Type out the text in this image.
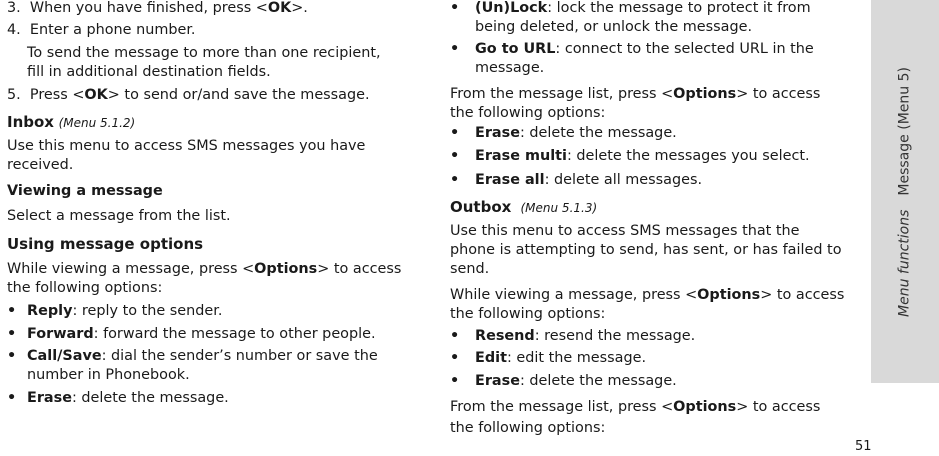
3. When you have finished, press <OK>.
4. Enter a phone number.
To send the message to more than one recipient,
fill in additional destination fields.
5. Press <OK> to send or/and save the message.
Inbox (Menu 5.1.2)
Use this menu to access SMS messages you have
received.
Viewing a message
Select a message from the list.
Using message options
While viewing a message, press <Options> to access
the following options:
• Reply: reply to the sender.
• Forward: forward the message to other people.
• Call/Save: dial the sender’s number or save the
number in Phonebook.
• Erase: delete the message.
• (Un)Lock: lock the message to protect it from
being deleted, or unlock the message.
• Go to URL: connect to the selected URL in the
message.
From the message list, press <Options> to access
the following options:
• Erase: delete the message.
• Erase multi: delete the messages you select.
• Erase all: delete all messages.
Outbox (Menu 5.1.3)
Use this menu to access SMS messages that the
phone is attempting to send, has sent, or has failed to
send.
While viewing a message, press <Options> to access
the following options:
• Resend: resend the message.
• Edit: edit the message.
• Erase: delete the message.
From the message list, press <Options> to access
the following options:
Menu functionsMessage (Menu 5)
51
